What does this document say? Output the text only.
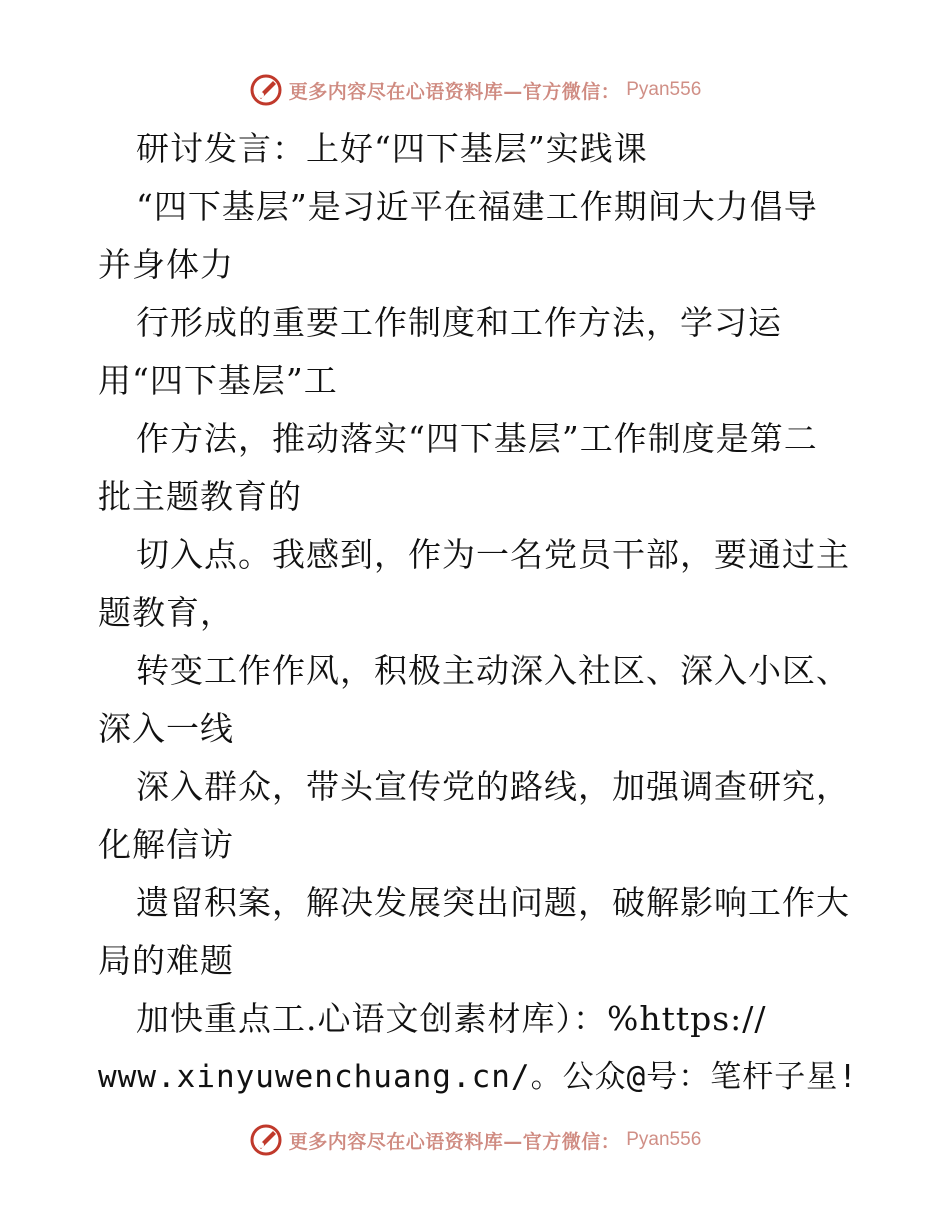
更多内容尽在心语资料库—官方微信： Pyan556
研讨发言：上好“四下基层”实践课
“四下基层”是习近平在福建工作期间大力倡导
并身体力
行形成的重要工作制度和工作方法，学习运
用“四下基层”工
作方法，推动落实“四下基层”工作制度是第二
批主题教育的
切入点。我感到，作为一名党员干部，要通过主
题教育，
转变工作作风，积极主动深入社区、深入小区、
深入一线
深入群众，带头宣传党的路线，加强调查研究，
化解信访
遗留积案，解决发展突出问题，破解影响工作大
局的难题
加快重点工.心语文创素材库）：%https://
www.xinyuwenchuang.cn/。公众@号：笔杆子星!
更多内容尽在心语资料库—官方微信： Pyan556
